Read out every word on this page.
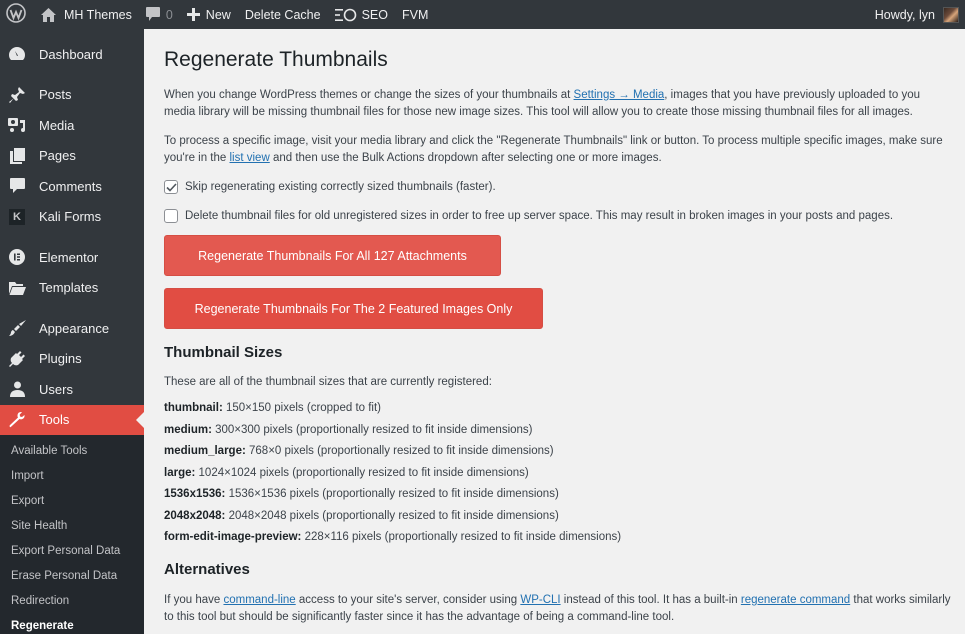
MH Themes	0	New Delete Cache	SEO FVM	Howdy, lyn
Dashboard
Posts
Media
Pages
Comments
K	Kali Forms
Elementor
Templates
Appearance
Plugins
Users
Tools
Available Tools
Import
Export
Site Health
Export Personal Data
Erase Personal Data
Redirection
Regenerate
Regenerate Thumbnails

When you change WordPress themes or change the sizes of your thumbnails at Settings → Media, images that you have previously uploaded to you media library will be missing thumbnail files for those new image sizes. This tool will allow you to create those missing thumbnail files for all images.

To process a specific image, visit your media library and click the "Regenerate Thumbnails" link or button. To process multiple specific images, make sure you're in the list view and then use the Bulk Actions dropdown after selecting one or more images.

Skip regenerating existing correctly sized thumbnails (faster).
Delete thumbnail files for old unregistered sizes in order to free up server space. This may result in broken images in your posts and pages.
Regenerate Thumbnails For All 127 Attachments
Regenerate Thumbnails For The 2 Featured Images Only
Thumbnail Sizes

These are all of the thumbnail sizes that are currently registered:

thumbnail: 150×150 pixels (cropped to fit)
medium: 300×300 pixels (proportionally resized to fit inside dimensions)
medium_large: 768×0 pixels (proportionally resized to fit inside dimensions)
large: 1024×1024 pixels (proportionally resized to fit inside dimensions)
1536x1536: 1536×1536 pixels (proportionally resized to fit inside dimensions)
2048x2048: 2048×2048 pixels (proportionally resized to fit inside dimensions)
form-edit-image-preview: 228×116 pixels (proportionally resized to fit inside dimensions)
Alternatives

If you have command-line access to your site's server, consider using WP-CLI instead of this tool. It has a built-in regenerate command that works similarly to this tool but should be significantly faster since it has the advantage of being a command-line tool.
